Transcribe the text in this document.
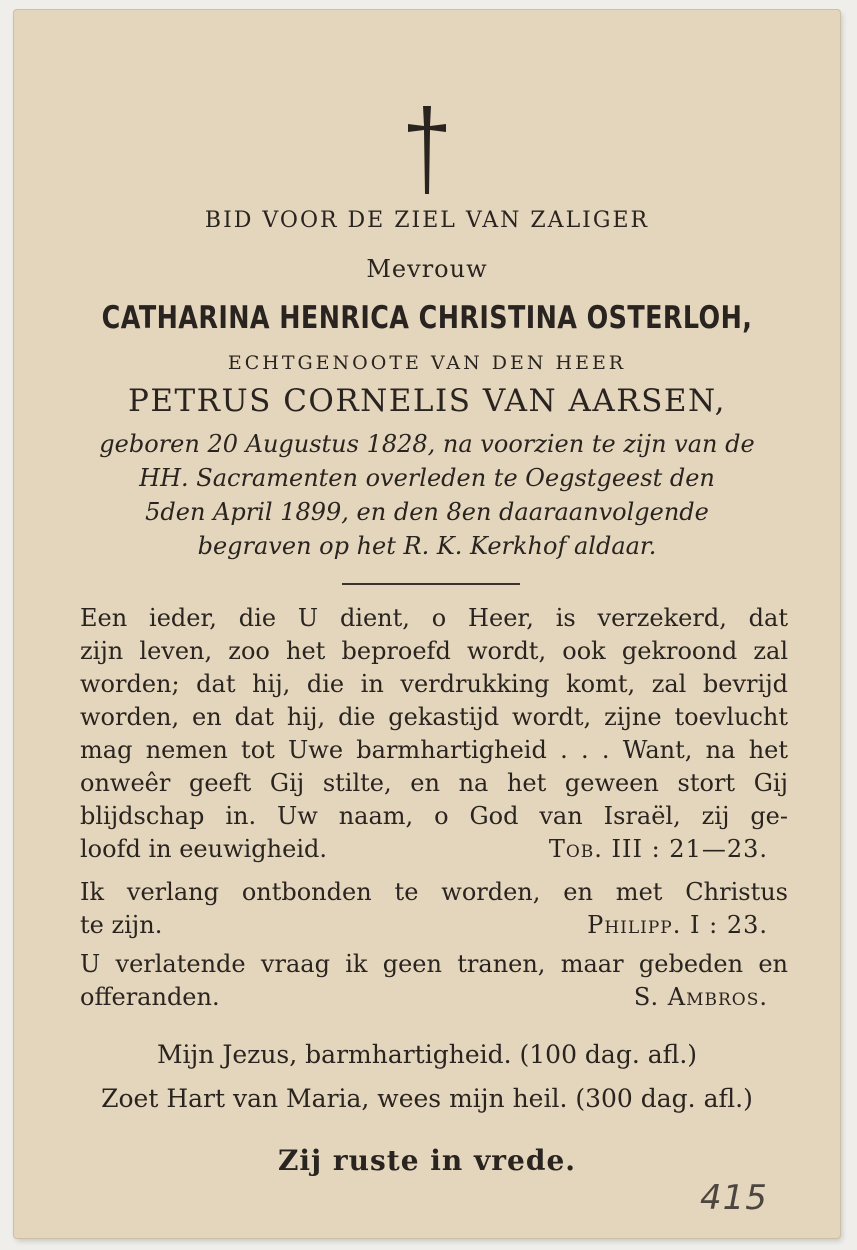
BID VOOR DE ZIEL VAN ZALIGER
Mevrouw
CATHARINA HENRICA CHRISTINA OSTERLOH,
ECHTGENOOTE VAN DEN HEER
PETRUS CORNELIS VAN AARSEN,
geboren 20 Augustus 1828, na voorzien te zijn van de
HH. Sacramenten overleden te Oegstgeest den
5den April 1899, en den 8en daaraanvolgende
begraven op het R. K. Kerkhof aldaar.
Een ieder, die U dient, o Heer, is verzekerd, dat
zijn leven, zoo het beproefd wordt, ook gekroond zal
worden; dat hij, die in verdrukking komt, zal bevrijd
worden, en dat hij, die gekastijd wordt, zijne toevlucht
mag nemen tot Uwe barmhartigheid . . . Want, na het
onweêr geeft Gij stilte, en na het geween stort Gij
blijdschap in. Uw naam, o God van Israël, zij ge-
loofd in eeuwigheid.	Tob. III : 21—23.
Ik verlang ontbonden te worden, en met Christus
te zijn.	Philipp. I : 23.
U verlatende vraag ik geen tranen, maar gebeden en
offeranden.	S. Ambros.
Mijn Jezus, barmhartigheid. (100 dag. afl.)
Zoet Hart van Maria, wees mijn heil. (300 dag. afl.)
Zij ruste in vrede.
415
